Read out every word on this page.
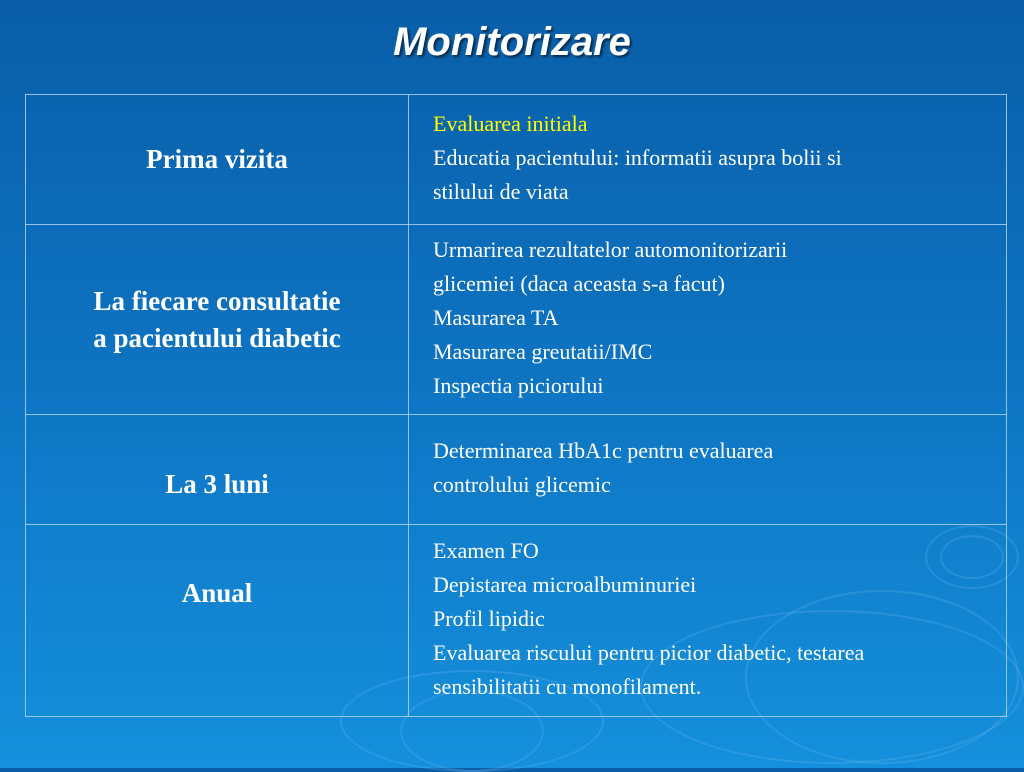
Monitorizare
Prima vizita	Evaluarea initiala
Educatia pacientului: informatii asupra bolii si
stilului de viata

La fiecare consultatie
a pacientului diabetic	Urmarirea rezultatelor automonitorizarii
glicemiei (daca aceasta s-a facut)
Masurarea TA
Masurarea greutatii/IMC
Inspectia piciorului

La 3 luni	Determinarea HbA1c pentru evaluarea
controlului glicemic

Anual	Examen FO
Depistarea microalbuminuriei
Profil lipidic
Evaluarea riscului pentru picior diabetic, testarea
sensibilitatii cu monofilament.
